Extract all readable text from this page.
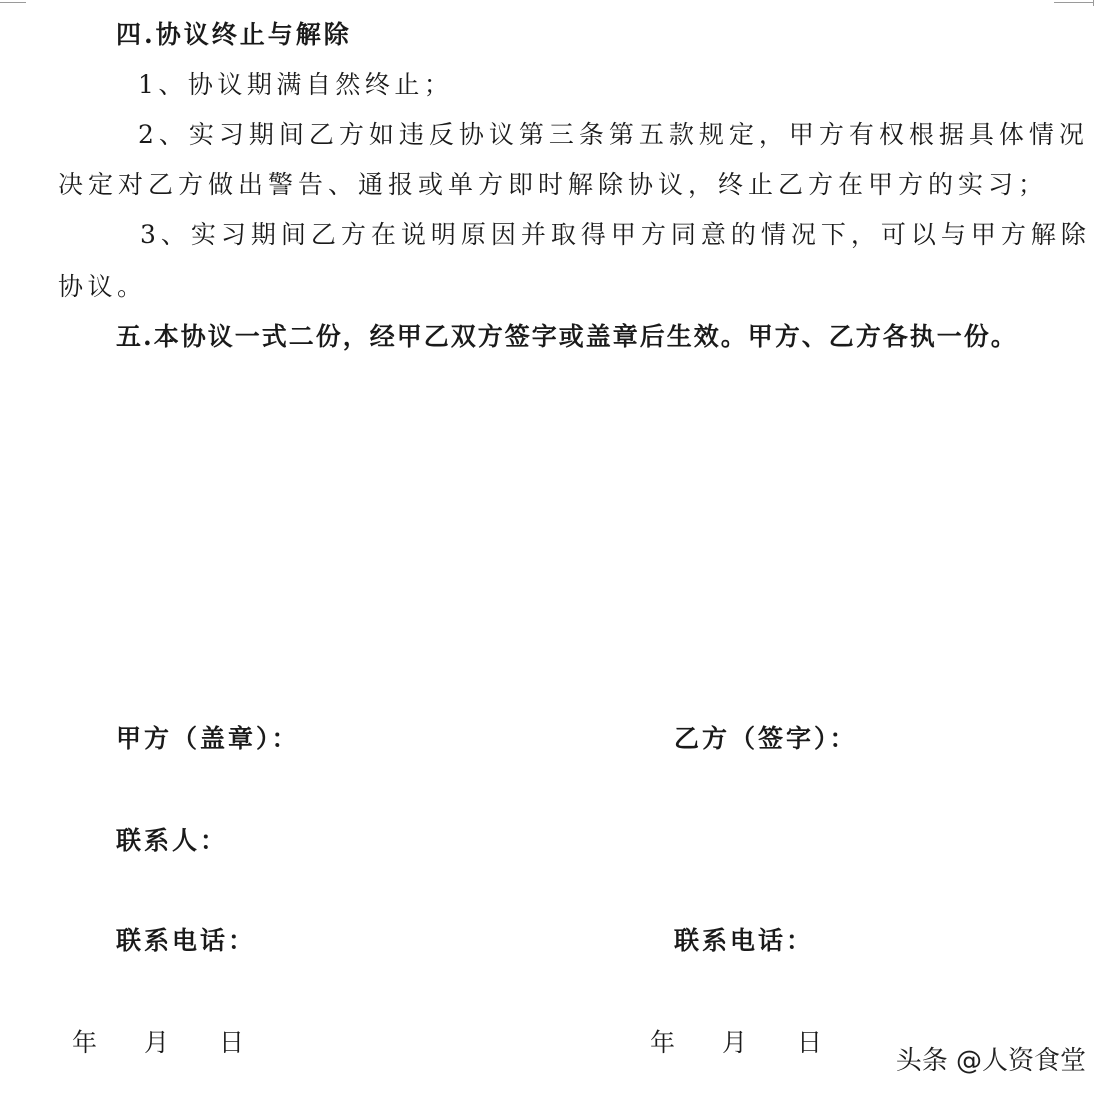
四.协议终止与解除
1、协议期满自然终止；
2、实习期间乙方如违反协议第三条第五款规定，甲方有权根据具体情况
决定对乙方做出警告、通报或单方即时解除协议，终止乙方在甲方的实习；
3、实习期间乙方在说明原因并取得甲方同意的情况下，可以与甲方解除
协议。
五.本协议一式二份，经甲乙双方签字或盖章后生效。甲方、乙方各执一份。
甲方（盖章）：	乙方（签字）：
联系人：
联系电话：	联系电话：
年 月 日	年 月 日
头条 @人资食堂
